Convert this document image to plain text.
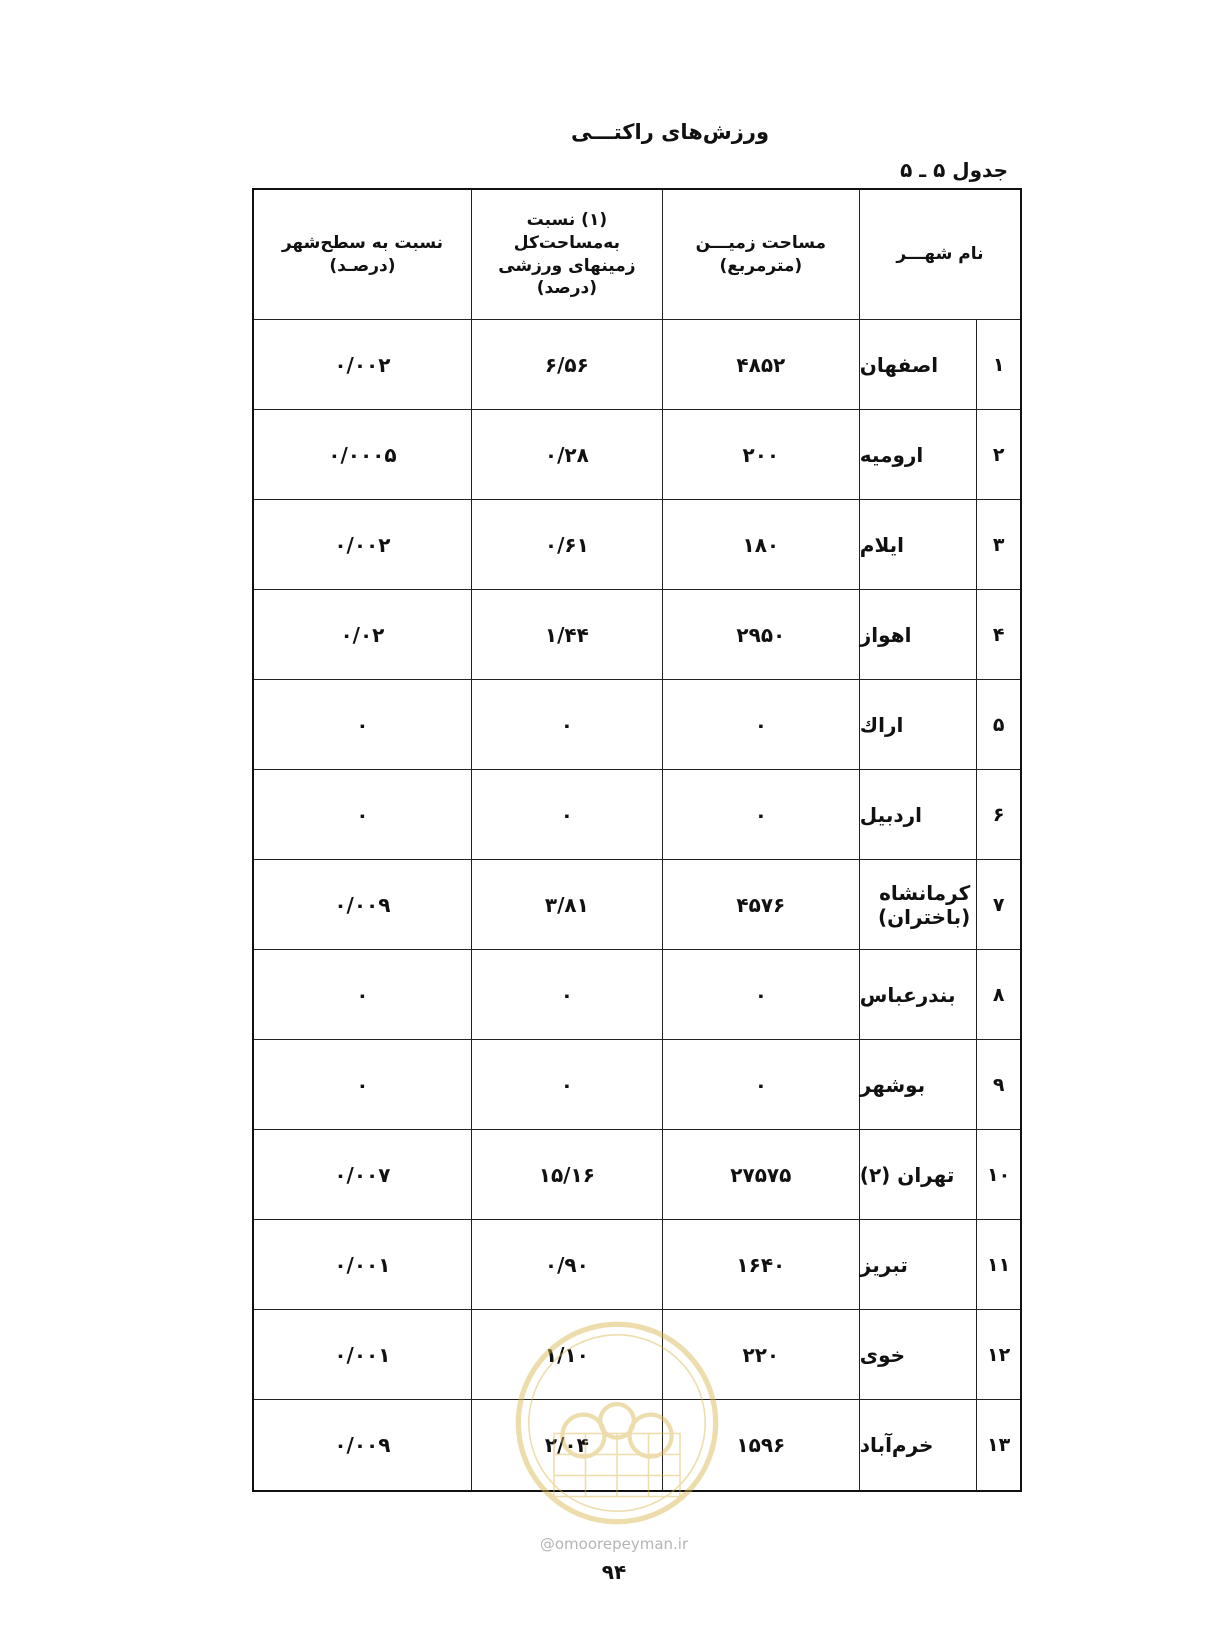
ورزش‌های راکتـــی
جدول ۵ ـ ۵
نام شهـــر
مساحت زمیـــن (مترمربع)
(۱) نسبت به‌مساحت‌کل زمینهای ورزشی (درصد)
نسبت به سطح‌شهر (درصـد)
۱
اصفهان
۴۸۵۲
۶/۵۶
۰/۰۰۲
۲
ارومیه
۲۰۰
۰/۲۸
۰/۰۰۰۵
۳
ایلام
۱۸۰
۰/۶۱
۰/۰۰۲
۴
اهواز
۲۹۵۰
۱/۴۴
۰/۰۲
۵
اراك
۰
۰
۰
۶
اردبیل
۰
۰
۰
۷
کرمانشاه (باختران)
۴۵۷۶
۳/۸۱
۰/۰۰۹
۸
بندرعباس
۰
۰
۰
۹
بوشهر
۰
۰
۰
۱۰
تهران (۲)
۲۷۵۷۵
۱۵/۱۶
۰/۰۰۷
۱۱
تبریز
۱۶۴۰
۰/۹۰
۰/۰۰۱
۱۲
خوی
۲۲۰
۱/۱۰
۰/۰۰۱
۱۳
خرم‌آباد
۱۵۹۶
۲/۰۴
۰/۰۰۹
@omoorepeyman.ir
۹۴
